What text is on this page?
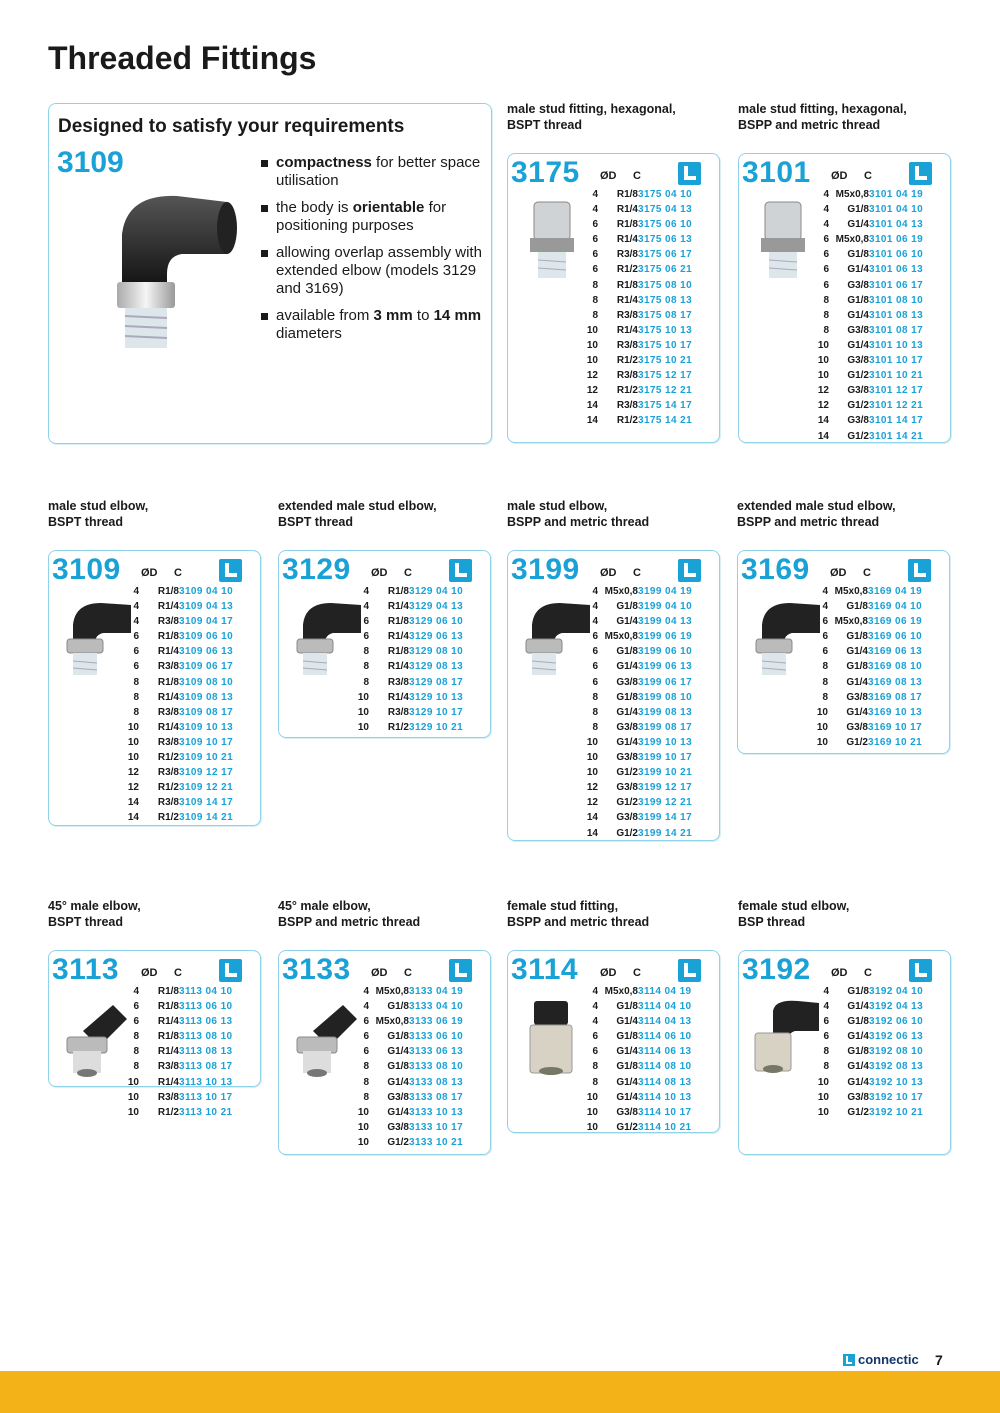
Threaded Fittings
Designed to satisfy your requirements
3109	compactness for better space utilisation
the body is orientable for positioning purposes
allowing overlap assembly with extended elbow (models 3129 and 3169)
available from 3 mm to 14 mm diameters
male stud fitting, hexagonal,
BSPT thread
3175 ØD C
4	R1/8	3175 04 10
4	R1/4	3175 04 13
6	R1/8	3175 06 10
6	R1/4	3175 06 13
6	R3/8	3175 06 17
6	R1/2	3175 06 21
8	R1/8	3175 08 10
8	R1/4	3175 08 13
8	R3/8	3175 08 17
10	R1/4	3175 10 13
10	R3/8	3175 10 17
10	R1/2	3175 10 21
12	R3/8	3175 12 17
12	R1/2	3175 12 21
14	R3/8	3175 14 17
14	R1/2	3175 14 21
male stud fitting, hexagonal,
BSPP and metric thread
3101 ØD C
4	M5x0,8	3101 04 19
4	G1/8	3101 04 10
4	G1/4	3101 04 13
6	M5x0,8	3101 06 19
6	G1/8	3101 06 10
6	G1/4	3101 06 13
6	G3/8	3101 06 17
8	G1/8	3101 08 10
8	G1/4	3101 08 13
8	G3/8	3101 08 17
10	G1/4	3101 10 13
10	G3/8	3101 10 17
10	G1/2	3101 10 21
12	G3/8	3101 12 17
12	G1/2	3101 12 21
14	G3/8	3101 14 17
14	G1/2	3101 14 21
male stud elbow,
BSPT thread
3109 ØD C
4	R1/8	3109 04 10
4	R1/4	3109 04 13
4	R3/8	3109 04 17
6	R1/8	3109 06 10
6	R1/4	3109 06 13
6	R3/8	3109 06 17
8	R1/8	3109 08 10
8	R1/4	3109 08 13
8	R3/8	3109 08 17
10	R1/4	3109 10 13
10	R3/8	3109 10 17
10	R1/2	3109 10 21
12	R3/8	3109 12 17
12	R1/2	3109 12 21
14	R3/8	3109 14 17
14	R1/2	3109 14 21
extended male stud elbow,
BSPT thread
3129 ØD C
4	R1/8	3129 04 10
4	R1/4	3129 04 13
6	R1/8	3129 06 10
6	R1/4	3129 06 13
8	R1/8	3129 08 10
8	R1/4	3129 08 13
8	R3/8	3129 08 17
10	R1/4	3129 10 13
10	R3/8	3129 10 17
10	R1/2	3129 10 21
male stud elbow,
BSPP and metric thread
3199 ØD C
4	M5x0,8	3199 04 19
4	G1/8	3199 04 10
4	G1/4	3199 04 13
6	M5x0,8	3199 06 19
6	G1/8	3199 06 10
6	G1/4	3199 06 13
6	G3/8	3199 06 17
8	G1/8	3199 08 10
8	G1/4	3199 08 13
8	G3/8	3199 08 17
10	G1/4	3199 10 13
10	G3/8	3199 10 17
10	G1/2	3199 10 21
12	G3/8	3199 12 17
12	G1/2	3199 12 21
14	G3/8	3199 14 17
14	G1/2	3199 14 21
extended male stud elbow,
BSPP and metric thread
3169 ØD C
4	M5x0,8	3169 04 19
4	G1/8	3169 04 10
6	M5x0,8	3169 06 19
6	G1/8	3169 06 10
6	G1/4	3169 06 13
8	G1/8	3169 08 10
8	G1/4	3169 08 13
8	G3/8	3169 08 17
10	G1/4	3169 10 13
10	G3/8	3169 10 17
10	G1/2	3169 10 21
45° male elbow,
BSPT thread
3113 ØD C
4	R1/8	3113 04 10
6	R1/8	3113 06 10
6	R1/4	3113 06 13
8	R1/8	3113 08 10
8	R1/4	3113 08 13
8	R3/8	3113 08 17
10	R1/4	3113 10 13
10	R3/8	3113 10 17
10	R1/2	3113 10 21
45° male elbow,
BSPP and metric thread
3133 ØD C
4	M5x0,8	3133 04 19
4	G1/8	3133 04 10
6	M5x0,8	3133 06 19
6	G1/8	3133 06 10
6	G1/4	3133 06 13
8	G1/8	3133 08 10
8	G1/4	3133 08 13
8	G3/8	3133 08 17
10	G1/4	3133 10 13
10	G3/8	3133 10 17
10	G1/2	3133 10 21
female stud fitting,
BSPP and metric thread
3114 ØD C
4	M5x0,8	3114 04 19
4	G1/8	3114 04 10
4	G1/4	3114 04 13
6	G1/8	3114 06 10
6	G1/4	3114 06 13
8	G1/8	3114 08 10
8	G1/4	3114 08 13
10	G1/4	3114 10 13
10	G3/8	3114 10 17
10	G1/2	3114 10 21
female stud elbow,
BSP thread
3192 ØD C
4	G1/8	3192 04 10
4	G1/4	3192 04 13
6	G1/8	3192 06 10
6	G1/4	3192 06 13
8	G1/8	3192 08 10
8	G1/4	3192 08 13
10	G1/4	3192 10 13
10	G3/8	3192 10 17
10	G1/2	3192 10 21
connectic 7
